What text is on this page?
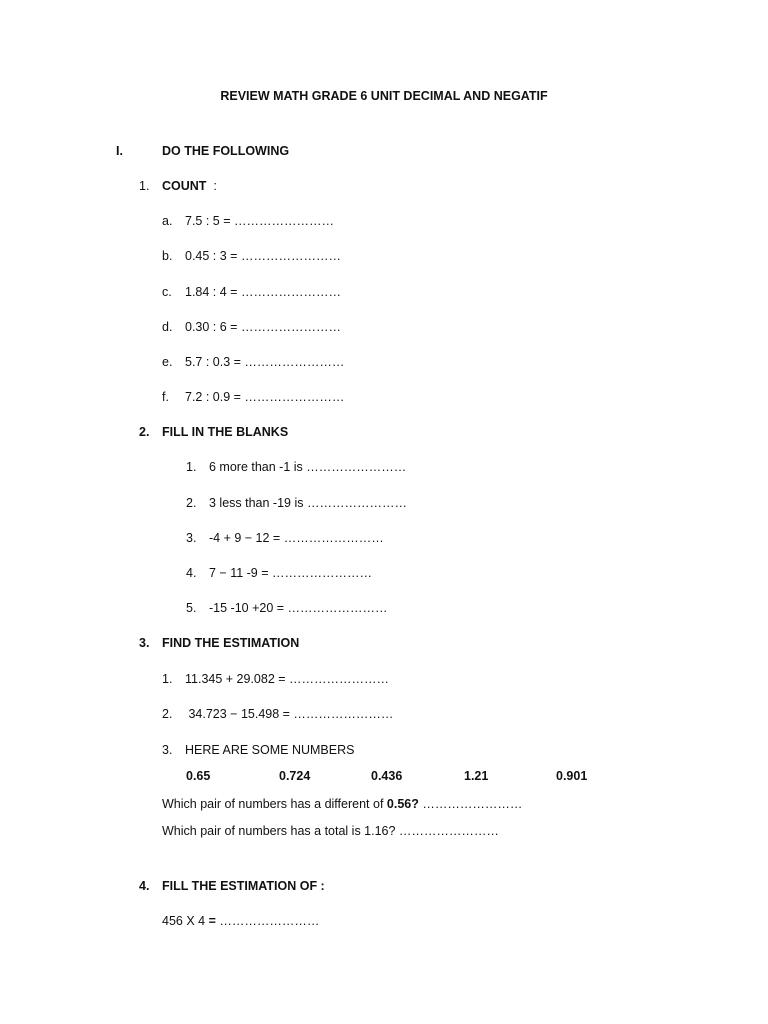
REVIEW MATH GRADE 6 UNIT DECIMAL AND NEGATIF
I.	DO THE FOLLOWING
1. COUNT :
a. 7.5 : 5 = ……………………
b. 0.45 : 3 = ……………………
c. 1.84 : 4 = ……………………
d. 0.30 : 6 = ……………………
e. 5.7 : 0.3 = ……………………
f. 7.2 : 0.9 = ……………………
2. FILL IN THE BLANKS
1. 6 more than -1 is ……………………
2. 3 less than -19 is ……………………
3. -4 + 9 − 12 = ……………………
4. 7 − 11 -9 = ……………………
5. -15 -10 +20 = ……………………
3. FIND THE ESTIMATION
1. 11.345 + 29.082 = ……………………
2. 34.723 − 15.498 = ……………………
3. HERE ARE SOME NUMBERS
0.65	0.724	0.436	1.21	0.901
Which pair of numbers has a different of 0.56? ……………………
Which pair of numbers has a total is 1.16? ……………………
4. FILL THE ESTIMATION OF :
456 X 4 = ……………………
